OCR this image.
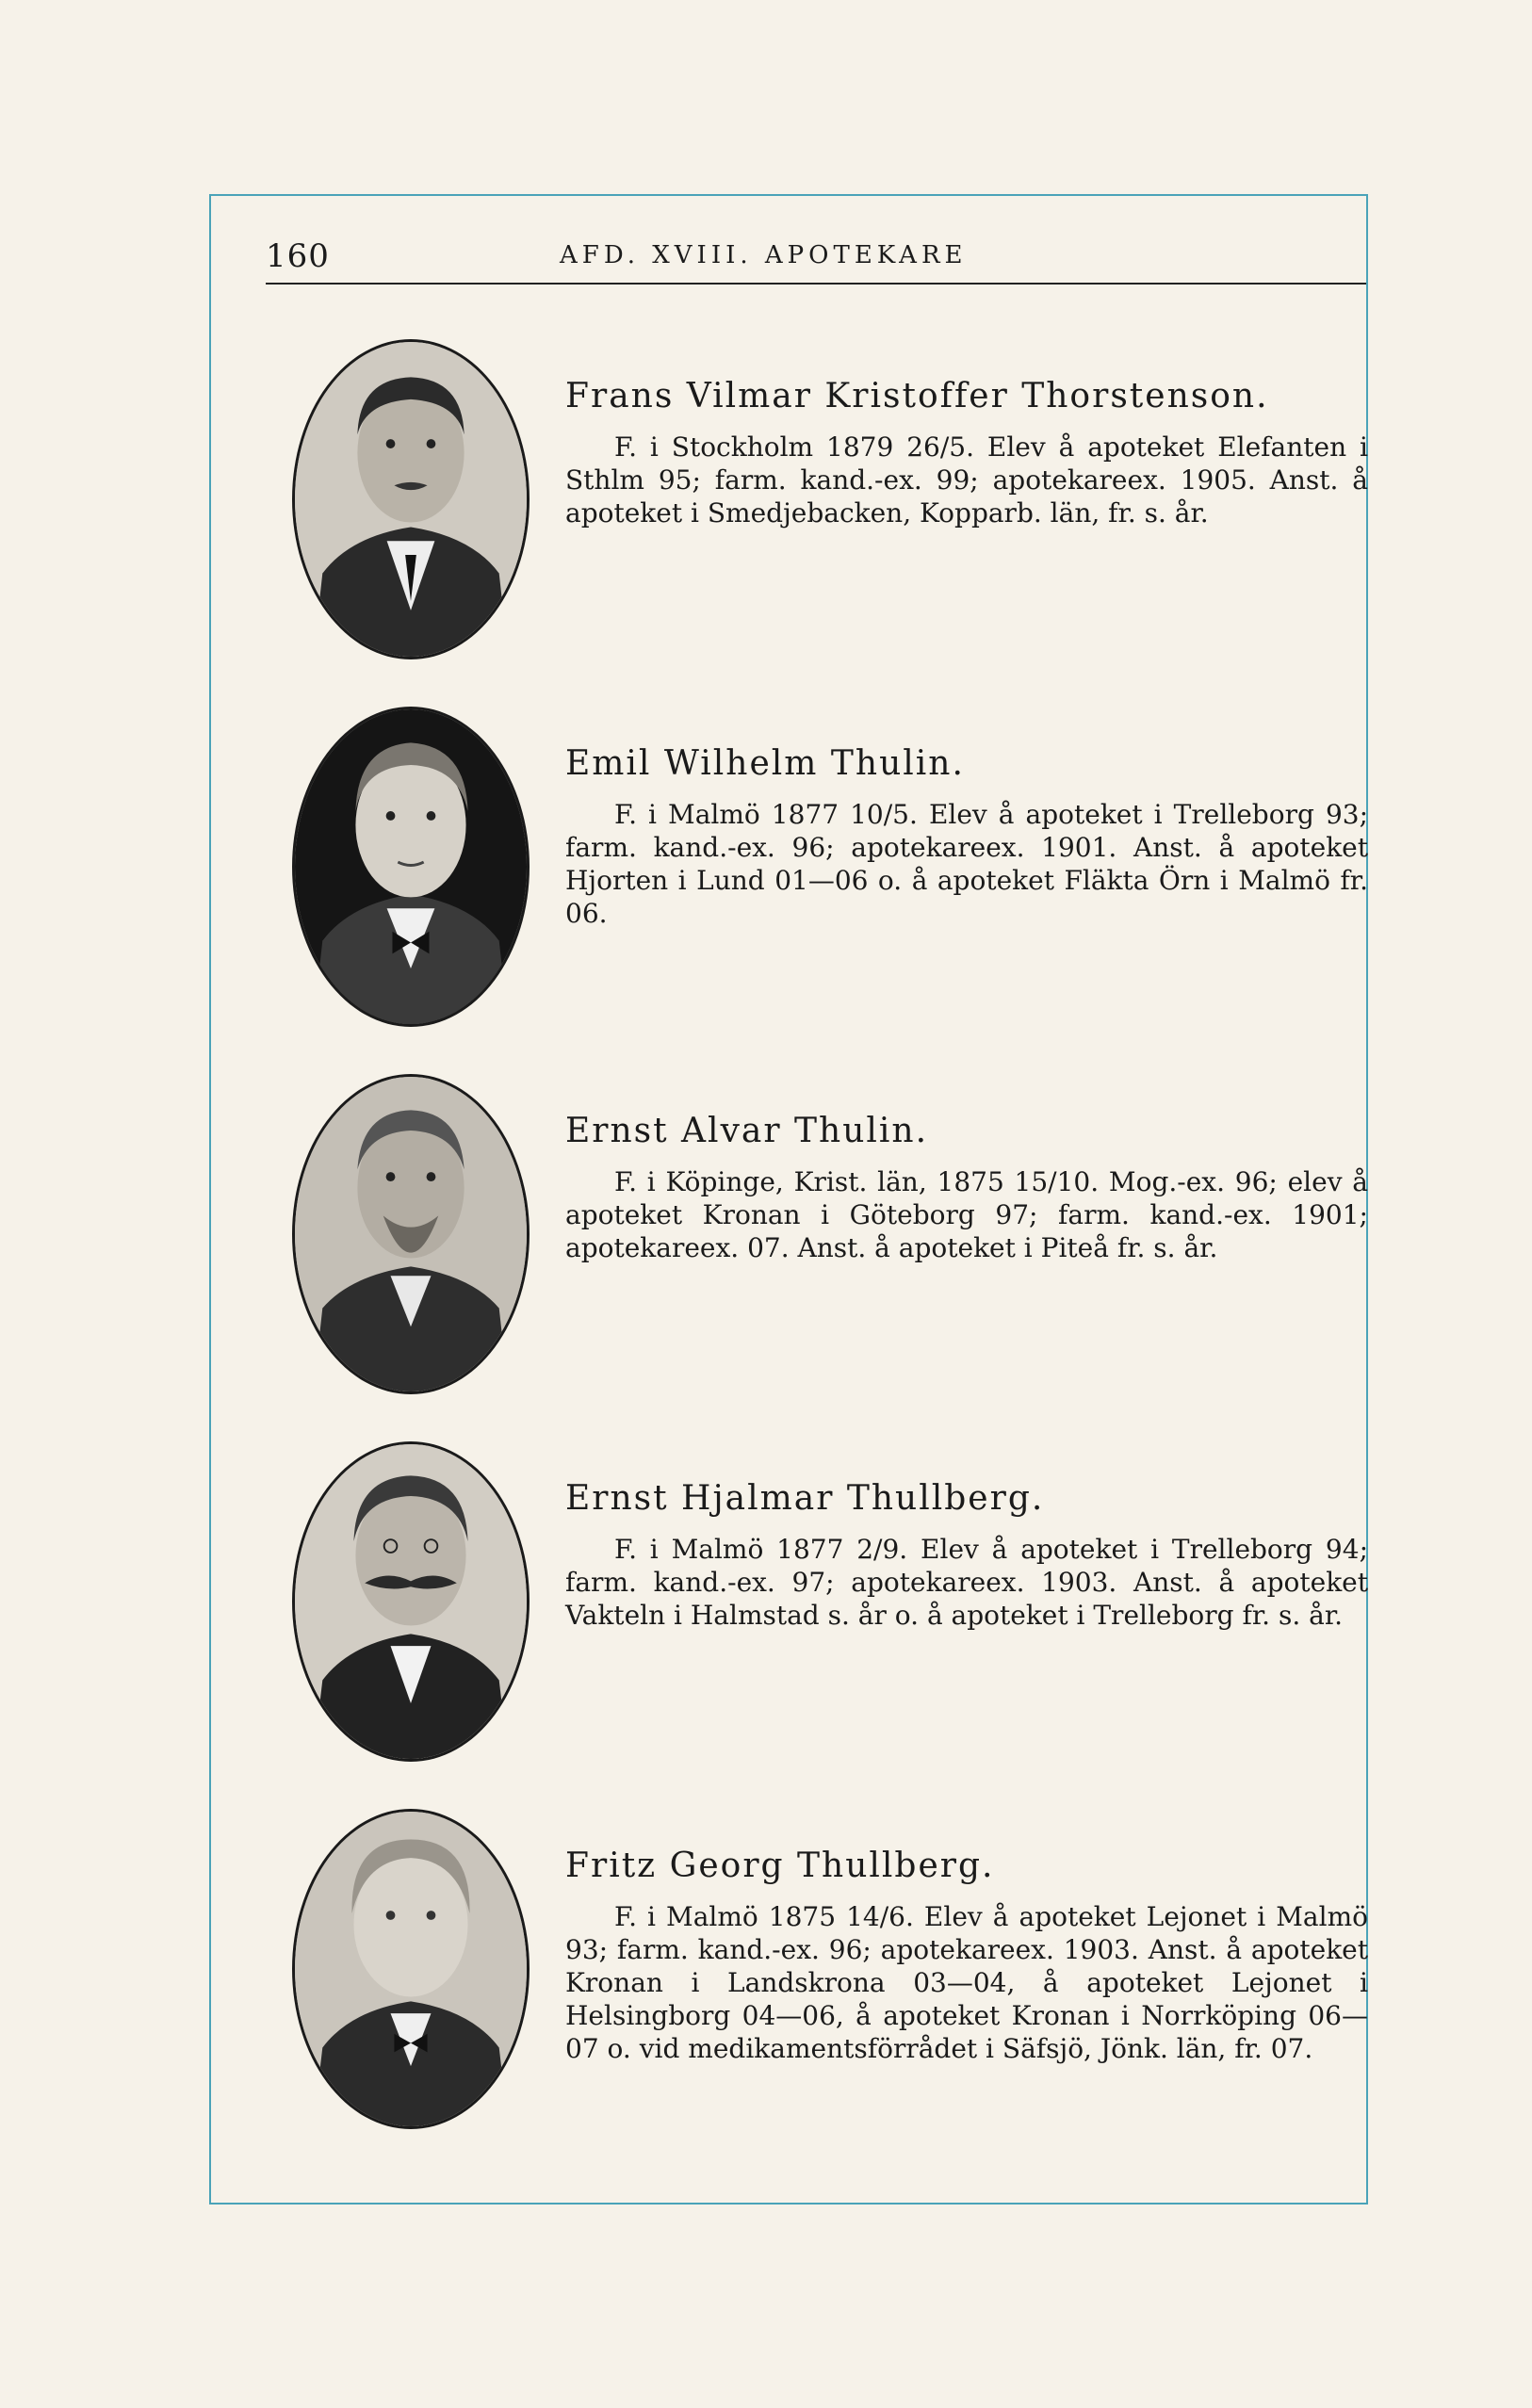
160	AFD. XVIII. APOTEKARE

Frans Vilmar Kristoffer Thorstenson.

F. i Stockholm 1879 26/5. Elev å apoteket Elefanten i Sthlm 95; farm. kand.-ex. 99; apotekareex. 1905. Anst. å apoteket i Smedjebacken, Kopparb. län, fr. s. år.

Emil Wilhelm Thulin.

F. i Malmö 1877 10/5. Elev å apoteket i Trelleborg 93; farm. kand.-ex. 96; apotekareex. 1901. Anst. å apoteket Hjorten i Lund 01—06 o. å apoteket Fläkta Örn i Malmö fr. 06.

Ernst Alvar Thulin.

F. i Köpinge, Krist. län, 1875 15/10. Mog.-ex. 96; elev å apoteket Kronan i Göteborg 97; farm. kand.-ex. 1901; apotekareex. 07. Anst. å apoteket i Piteå fr. s. år.

Ernst Hjalmar Thullberg.

F. i Malmö 1877 2/9. Elev å apoteket i Trelleborg 94; farm. kand.-ex. 97; apotekareex. 1903. Anst. å apoteket Vakteln i Halmstad s. år o. å apoteket i Trelleborg fr. s. år.

Fritz Georg Thullberg.

F. i Malmö 1875 14/6. Elev å apoteket Lejonet i Malmö 93; farm. kand.-ex. 96; apotekareex. 1903. Anst. å apoteket Kronan i Landskrona 03—04, å apoteket Lejonet i Helsingborg 04—06, å apoteket Kronan i Norrköping 06—07 o. vid medikamentsförrådet i Säfsjö, Jönk. län, fr. 07.
